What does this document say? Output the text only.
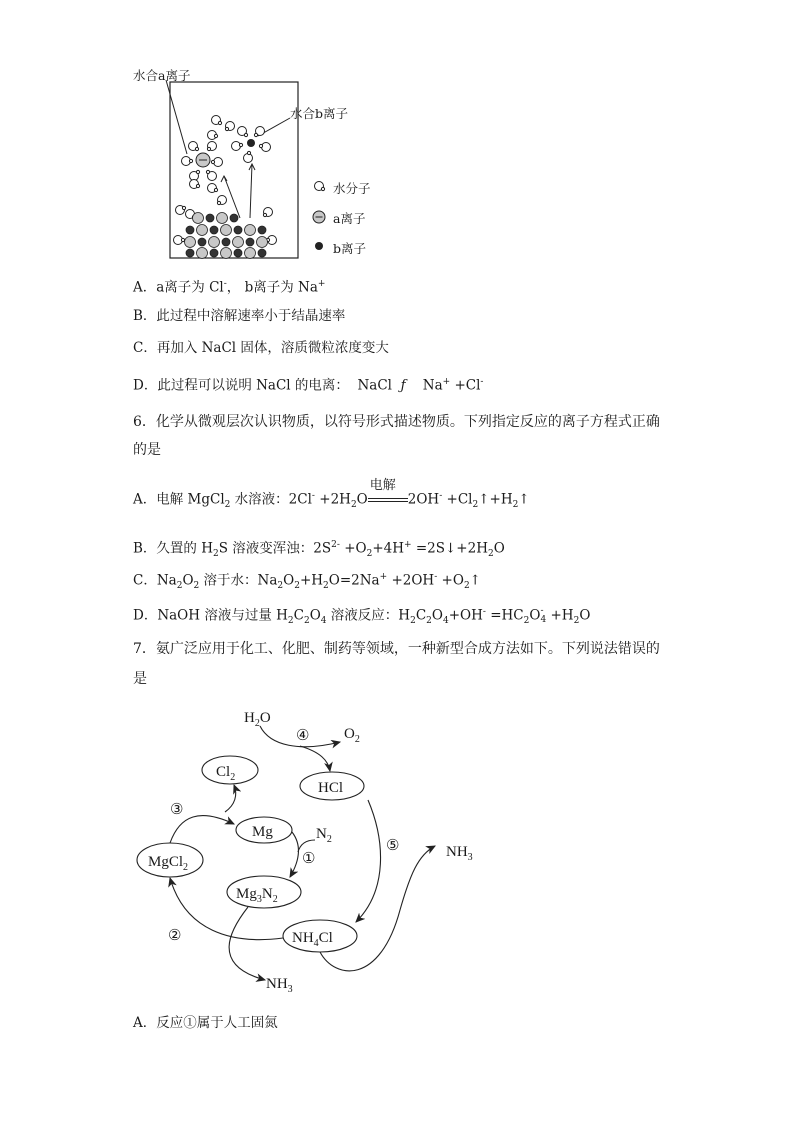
水合a离子
水合b离子
水分子
a离子
b离子
A．a离子为 Cl-， b离子为 Na+
B．此过程中溶解速率小于结晶速率
C．再加入 NaCl 固体，溶质微粒浓度变大
D．此过程可以说明 NaCl 的电离：  NaCl  ƒ    Na+ +Cl-
6．化学从微观层次认识物质，以符号形式描述物质。下列指定反应的离子方程式正确
的是
A．电解 MgCl$_2$ 水溶液：$2Cl^- +2H_2O$
电解
$2OH^- +Cl_2↑+H_2↑$
B．久置的 $H_2S$ 溶液变浑浊：$2S^{2-} +O_2+4H^+$ $=2S↓+2H_2O$
C．$Na_2O_2$ 溶于水：$Na_2O_2+H_2O=2Na^+ +2OH^-$ $+O_2↑$
D．NaOH 溶液与过量 $H_2C_2O_4$ 溶液反应：$H_2C_2O_4+OH^- =HC_2O$ -
$4 +H_2O$
7．氨广泛应用于化工、化肥、制药等领域，一种新型合成方法如下。下列说法错误的
是
$H_2O$
$O_2$
$Cl_2$
HCl
Mg	$N_2$
MgCl$_2$
$Mg_3N_2$
$NH_4Cl$
$NH_3$
$NH_3$
④
③
①
⑤
②
A．反应①属于人工固氮
